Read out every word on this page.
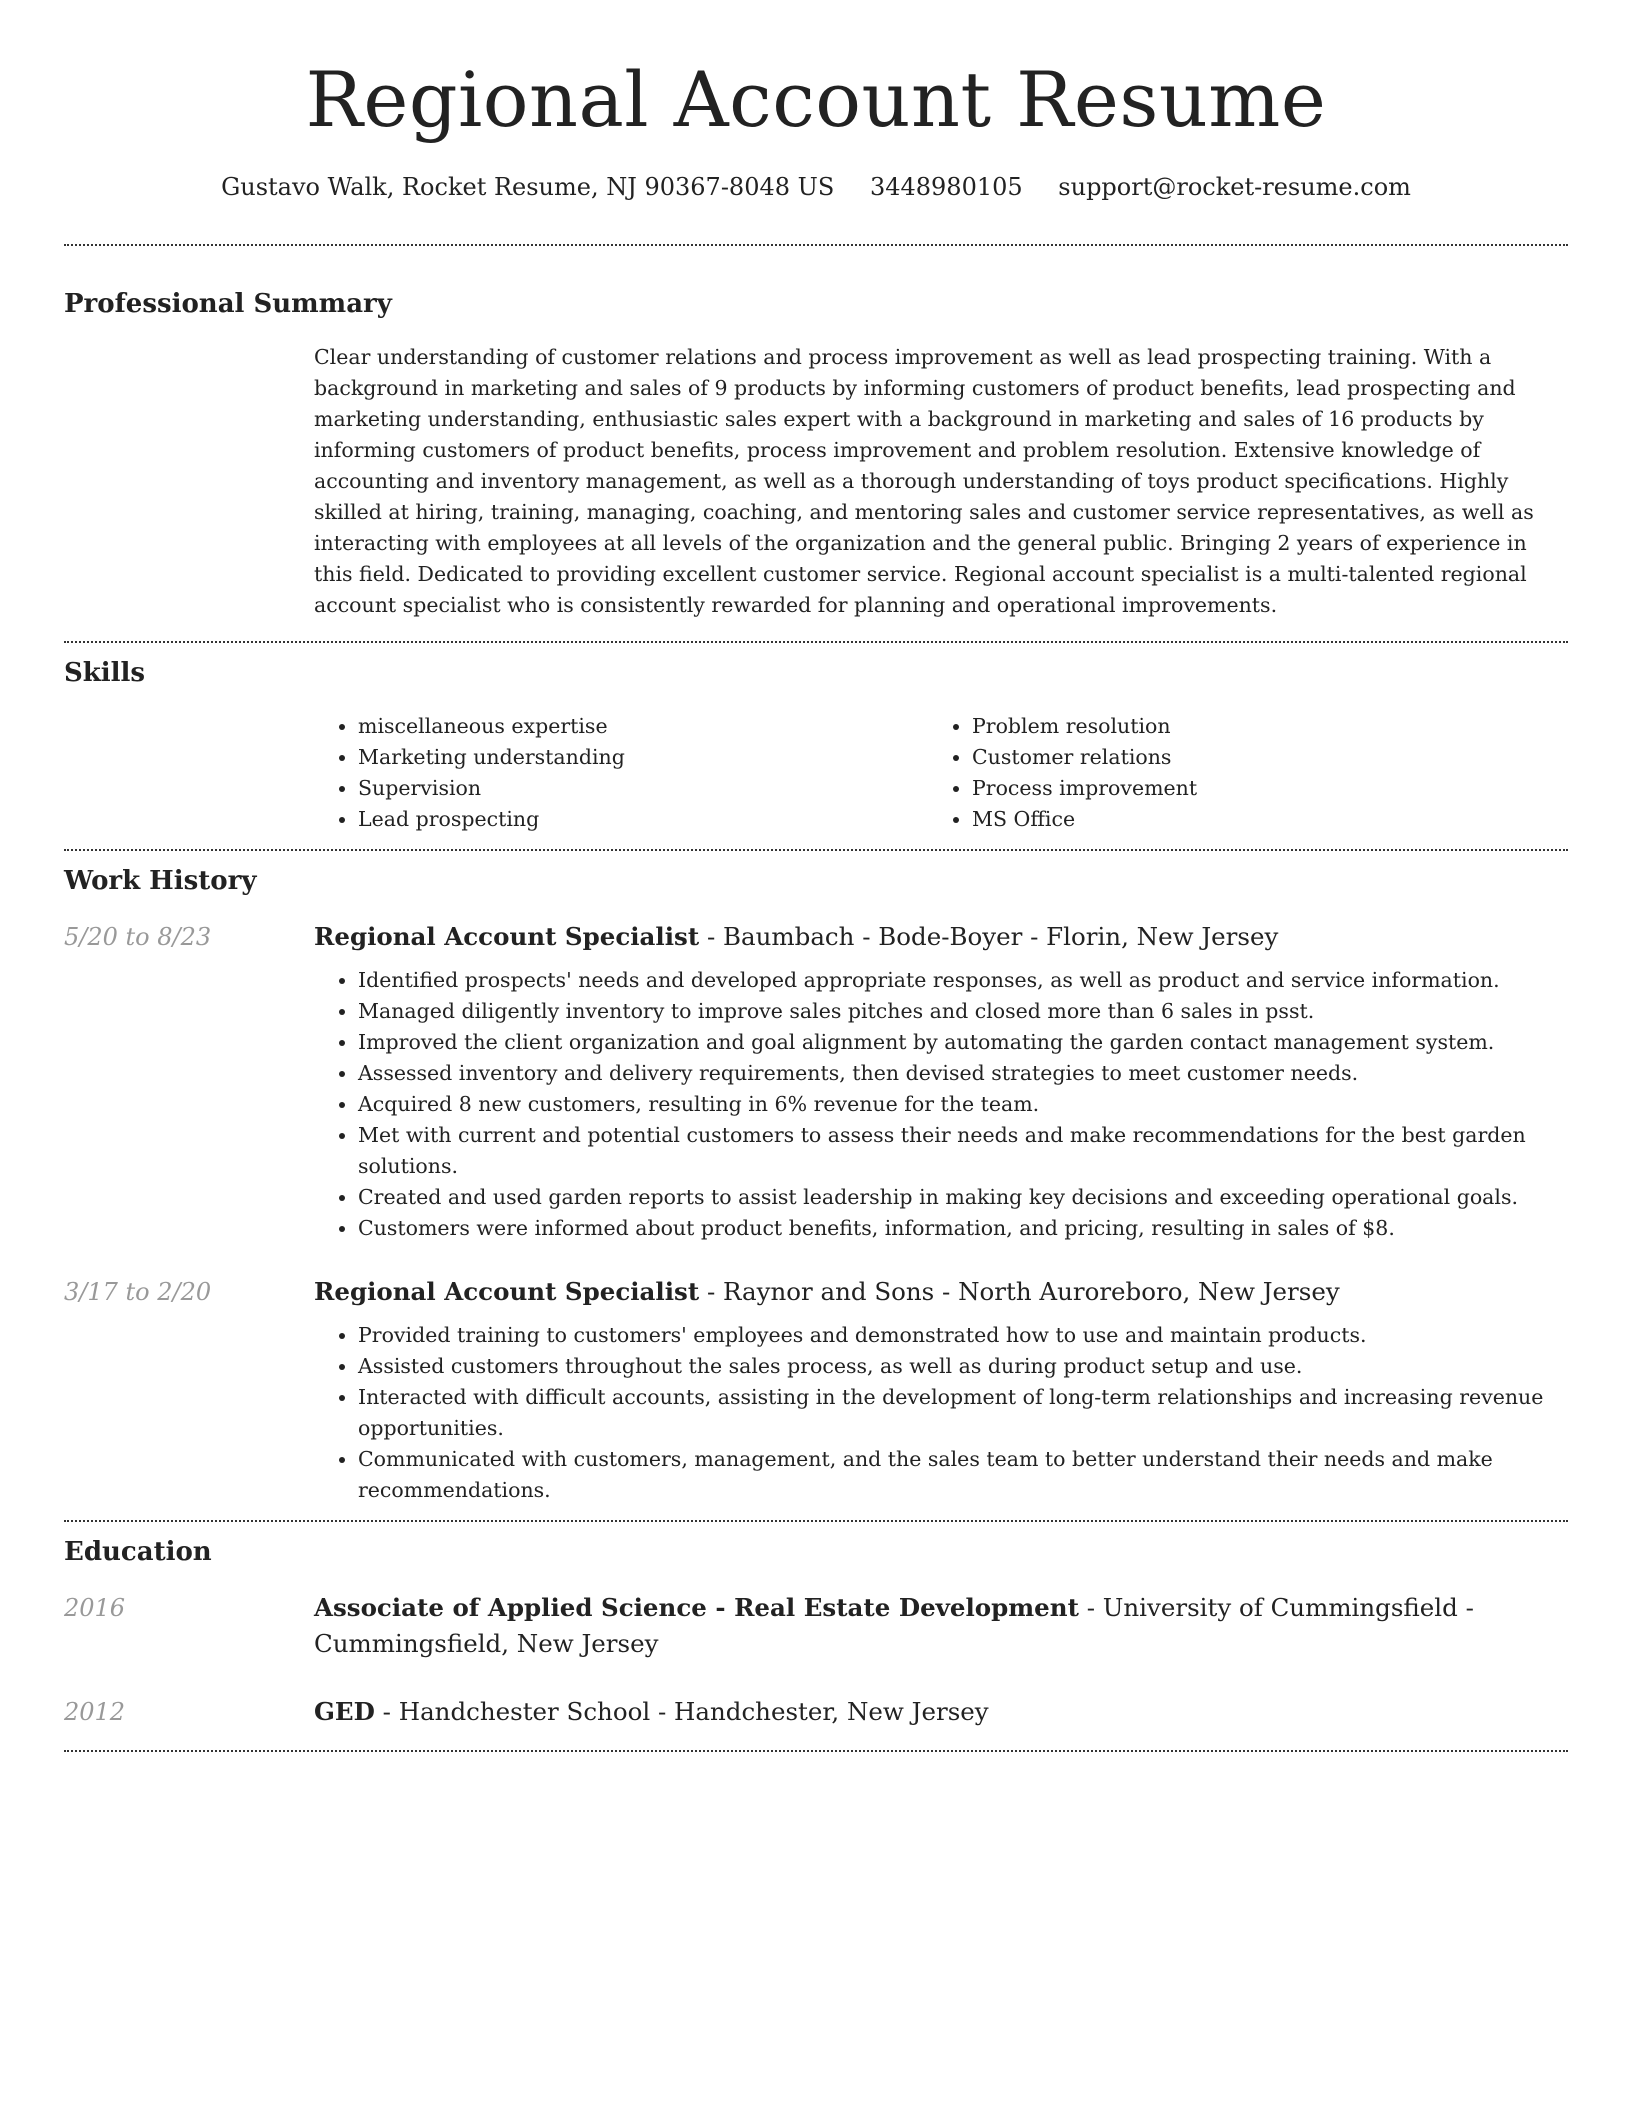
Regional Account Resume
Gustavo Walk, Rocket Resume, NJ 90367-8048 US 3448980105 support@rocket-resume.com
Professional Summary
Clear understanding of customer relations and process improvement as well as lead prospecting training. With a background in marketing and sales of 9 products by informing customers of product benefits, lead prospecting and marketing understanding, enthusiastic sales expert with a background in marketing and sales of 16 products by informing customers of product benefits, process improvement and problem resolution. Extensive knowledge of accounting and inventory management, as well as a thorough understanding of toys product specifications. Highly skilled at hiring, training, managing, coaching, and mentoring sales and customer service representatives, as well as interacting with employees at all levels of the organization and the general public. Bringing 2 years of experience in this field. Dedicated to providing excellent customer service. Regional account specialist is a multi-talented regional account specialist who is consistently rewarded for planning and operational improvements.
Skills
• miscellaneous expertise
• Marketing understanding
• Supervision
• Lead prospecting
• Problem resolution
• Customer relations
• Process improvement
• MS Office
Work History
5/20 to 8/23	Regional Account Specialist - Baumbach - Bode-Boyer - Florin, New Jersey
• Identified prospects' needs and developed appropriate responses, as well as product and service information.
• Managed diligently inventory to improve sales pitches and closed more than 6 sales in psst.
• Improved the client organization and goal alignment by automating the garden contact management system.
• Assessed inventory and delivery requirements, then devised strategies to meet customer needs.
• Acquired 8 new customers, resulting in 6% revenue for the team.
• Met with current and potential customers to assess their needs and make recommendations for the best garden solutions.
• Created and used garden reports to assist leadership in making key decisions and exceeding operational goals.
• Customers were informed about product benefits, information, and pricing, resulting in sales of $8.
3/17 to 2/20	Regional Account Specialist - Raynor and Sons - North Auroreboro, New Jersey
• Provided training to customers' employees and demonstrated how to use and maintain products.
• Assisted customers throughout the sales process, as well as during product setup and use.
• Interacted with difficult accounts, assisting in the development of long-term relationships and increasing revenue opportunities.
• Communicated with customers, management, and the sales team to better understand their needs and make recommendations.
Education
2016	Associate of Applied Science - Real Estate Development - University of Cummingsfield - Cummingsfield, New Jersey
2012	GED - Handchester School - Handchester, New Jersey
